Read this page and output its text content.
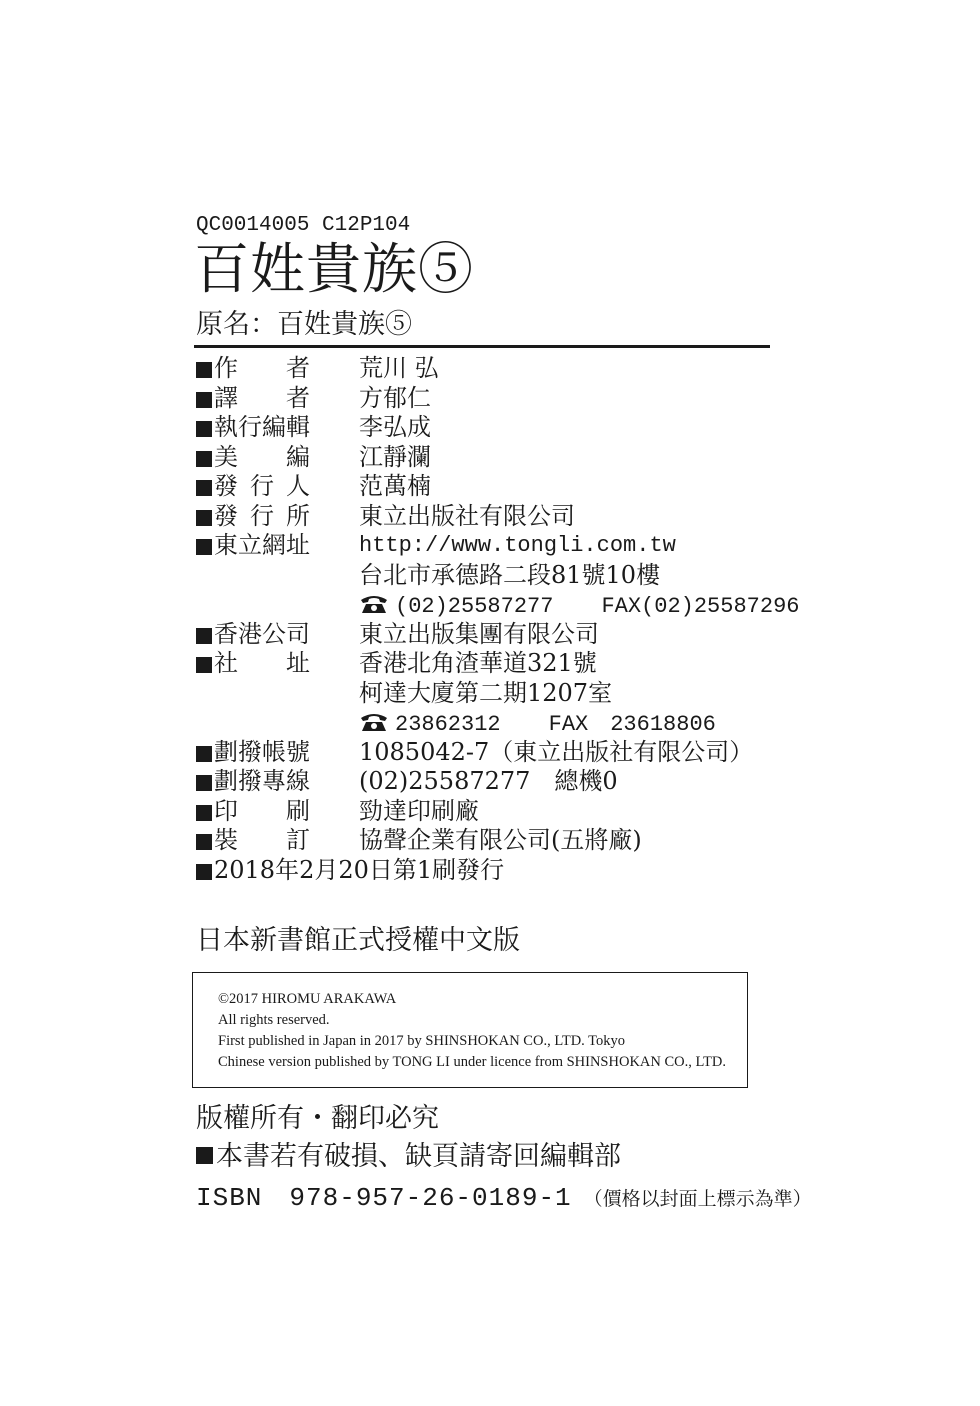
QC0014005 C12P104
百姓貴族⑤
原名：百姓貴族⑤
作 者 荒川 弘
譯 者 方郁仁
執行編輯 李弘成
美 編 江靜瀾
發 行 人 范萬楠
發 行 所 東立出版社有限公司
東立網址 http://www.tongli.com.tw
台北市承德路二段81號10樓
(02)25587277 FAX(02)25587296
香港公司 東立出版集團有限公司
社 址 香港北角渣華道321號
柯達大廈第二期1207室
23862312 FAX　23618806
劃撥帳號 1085042-7（東立出版社有限公司）
劃撥專線 (02)25587277　總機0
印 刷 勁達印刷廠
裝 訂 協聲企業有限公司(五將廠)
2018年2月20日第1刷發行
日本新書館正式授權中文版
©2017 HIROMU ARAKAWA
All rights reserved.
First published in Japan in 2017 by SHINSHOKAN CO., LTD. Tokyo
Chinese version published by TONG LI under licence from SHINSHOKAN CO., LTD.
版權所有・翻印必究
本書若有破損、缺頁請寄回編輯部
ISBN　978-957-26-0189-1 （價格以封面上標示為準）
